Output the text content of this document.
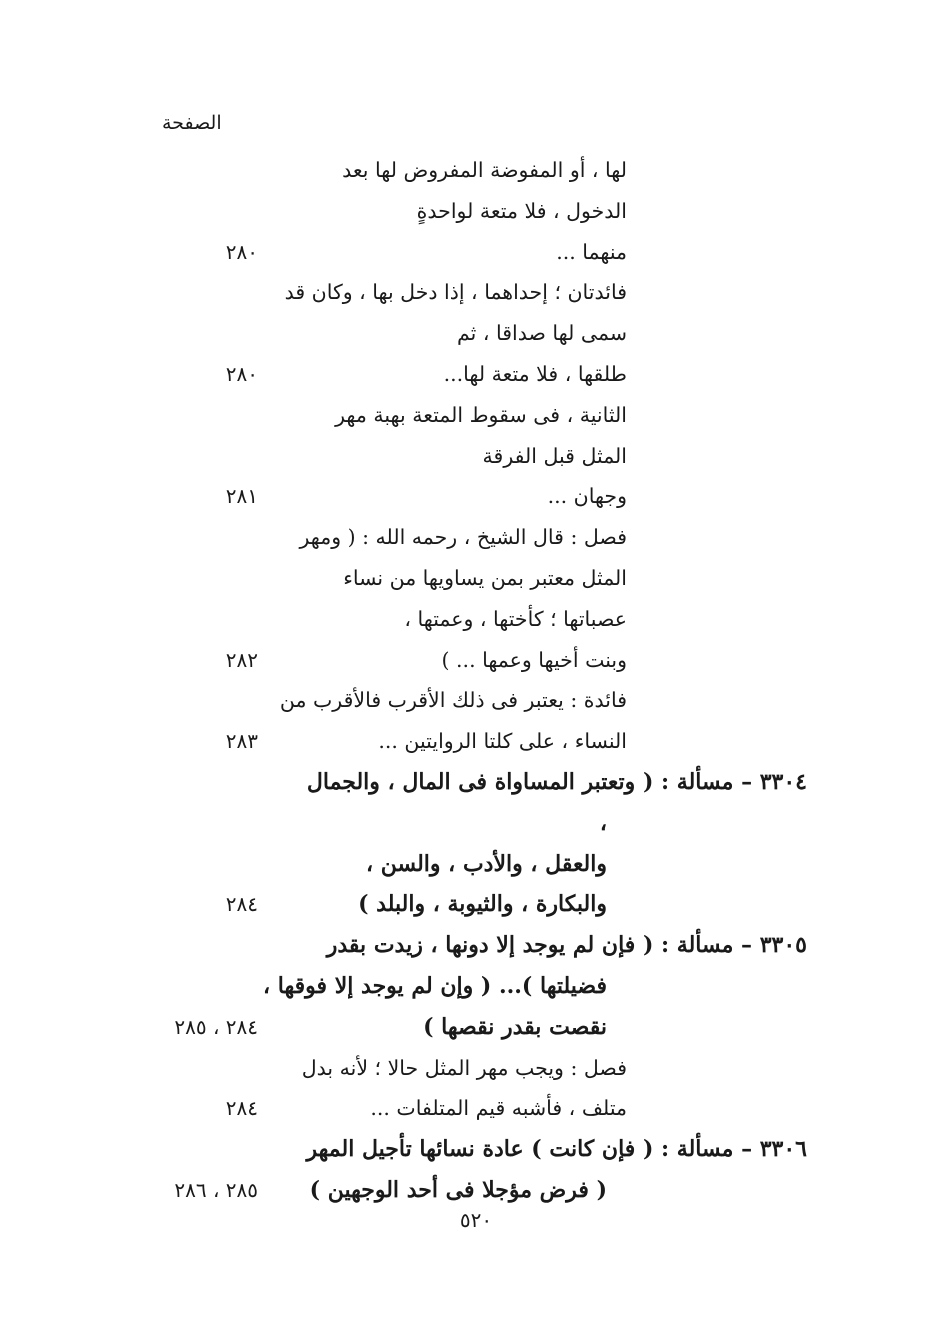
الصفحة
لها ، أو المفوضة المفروض لها بعد
الدخول ، فلا متعة لواحدةٍ
منهما ...
٢٨٠
فائدتان ؛ إحداهما ، إذا دخل بها ، وكان قد
سمى لها صداقا ، ثم
طلقها ، فلا متعة لها...
٢٨٠
الثانية ، فى سقوط المتعة بهبة مهر
المثل قبل الفرقة
وجهان ...
٢٨١
فصل : قال الشيخ ، رحمه الله : ( ومهر
المثل معتبر بمن يساويها من نساء
عصباتها ؛ كأختها ، وعمتها ،
وبنت أخيها وعمها ... )
٢٨٢
فائدة : يعتبر فى ذلك الأقرب فالأقرب من
النساء ، على كلتا الروايتين ...
٢٨٣
٣٣٠٤ – مسألة : ( وتعتبر المساواة فى المال ، والجمال
،
والعقل ، والأدب ، والسن ،
والبكارة ، والثيوبة ، والبلد )
٢٨٤
٣٣٠٥ – مسألة : ( فإن لم يوجد إلا دونها ، زيدت بقدر
فضيلتها )... ( وإن لم يوجد إلا فوقها ،
نقصت بقدر نقصها )
٢٨٤ ، ٢٨٥
فصل : ويجب مهر المثل حالا ؛ لأنه بدل
متلف ، فأشبه قيم المتلفات ...
٢٨٤
٣٣٠٦ – مسألة : ( فإن كانت ) عادة نسائها تأجيل المهر
( فرض مؤجلا فى أحد الوجهين )
٢٨٥ ، ٢٨٦
٥٢٠
